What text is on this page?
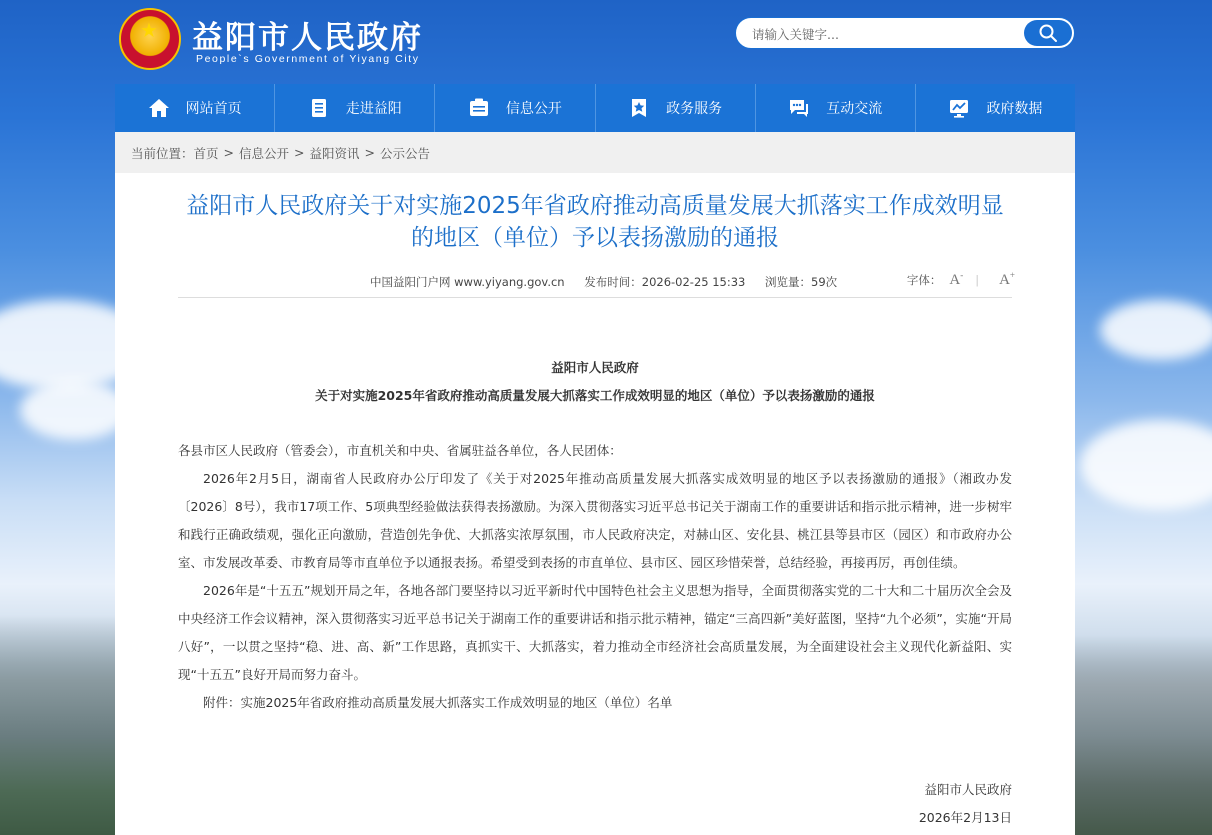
★ 益阳市人民政府
People`s Government of Yiyang City
请输入关键字...
网站首页	走进益阳	信息公开	政务服务	互动交流	政府数据
当前位置： 首页 > 信息公开 > 益阳资讯 > 公示公告
益阳市人民政府关于对实施2025年省政府推动高质量发展大抓落实工作成效明显的地区（单位）予以表扬激励的通报
中国益阳门户网 www.yiyang.gov.cn 发布时间：2026-02-25 15:33 浏览量：59次	字体： A- | A+
益阳市人民政府
关于对实施2025年省政府推动高质量发展大抓落实工作成效明显的地区（单位）予以表扬激励的通报

各县市区人民政府（管委会），市直机关和中央、省属驻益各单位，各人民团体：

2026年2月5日，湖南省人民政府办公厅印发了《关于对2025年推动高质量发展大抓落实成效明显的地区予以表扬激励的通报》（湘政办发〔2026〕8号），我市17项工作、5项典型经验做法获得表扬激励。为深入贯彻落实习近平总书记关于湖南工作的重要讲话和指示批示精神，进一步树牢和践行正确政绩观，强化正向激励，营造创先争优、大抓落实浓厚氛围，市人民政府决定，对赫山区、安化县、桃江县等县市区（园区）和市政府办公室、市发展改革委、市教育局等市直单位予以通报表扬。希望受到表扬的市直单位、县市区、园区珍惜荣誉，总结经验，再接再厉，再创佳绩。

2026年是“十五五”规划开局之年，各地各部门要坚持以习近平新时代中国特色社会主义思想为指导，全面贯彻落实党的二十大和二十届历次全会及中央经济工作会议精神，深入贯彻落实习近平总书记关于湖南工作的重要讲话和指示批示精神，锚定“三高四新”美好蓝图，坚持“九个必须”，实施“开局八好”，一以贯之坚持“稳、进、高、新”工作思路，真抓实干、大抓落实，着力推动全市经济社会高质量发展，为全面建设社会主义现代化新益阳、实现“十五五”良好开局而努力奋斗。

附件：实施2025年省政府推动高质量发展大抓落实工作成效明显的地区（单位）名单

益阳市人民政府
2026年2月13日
